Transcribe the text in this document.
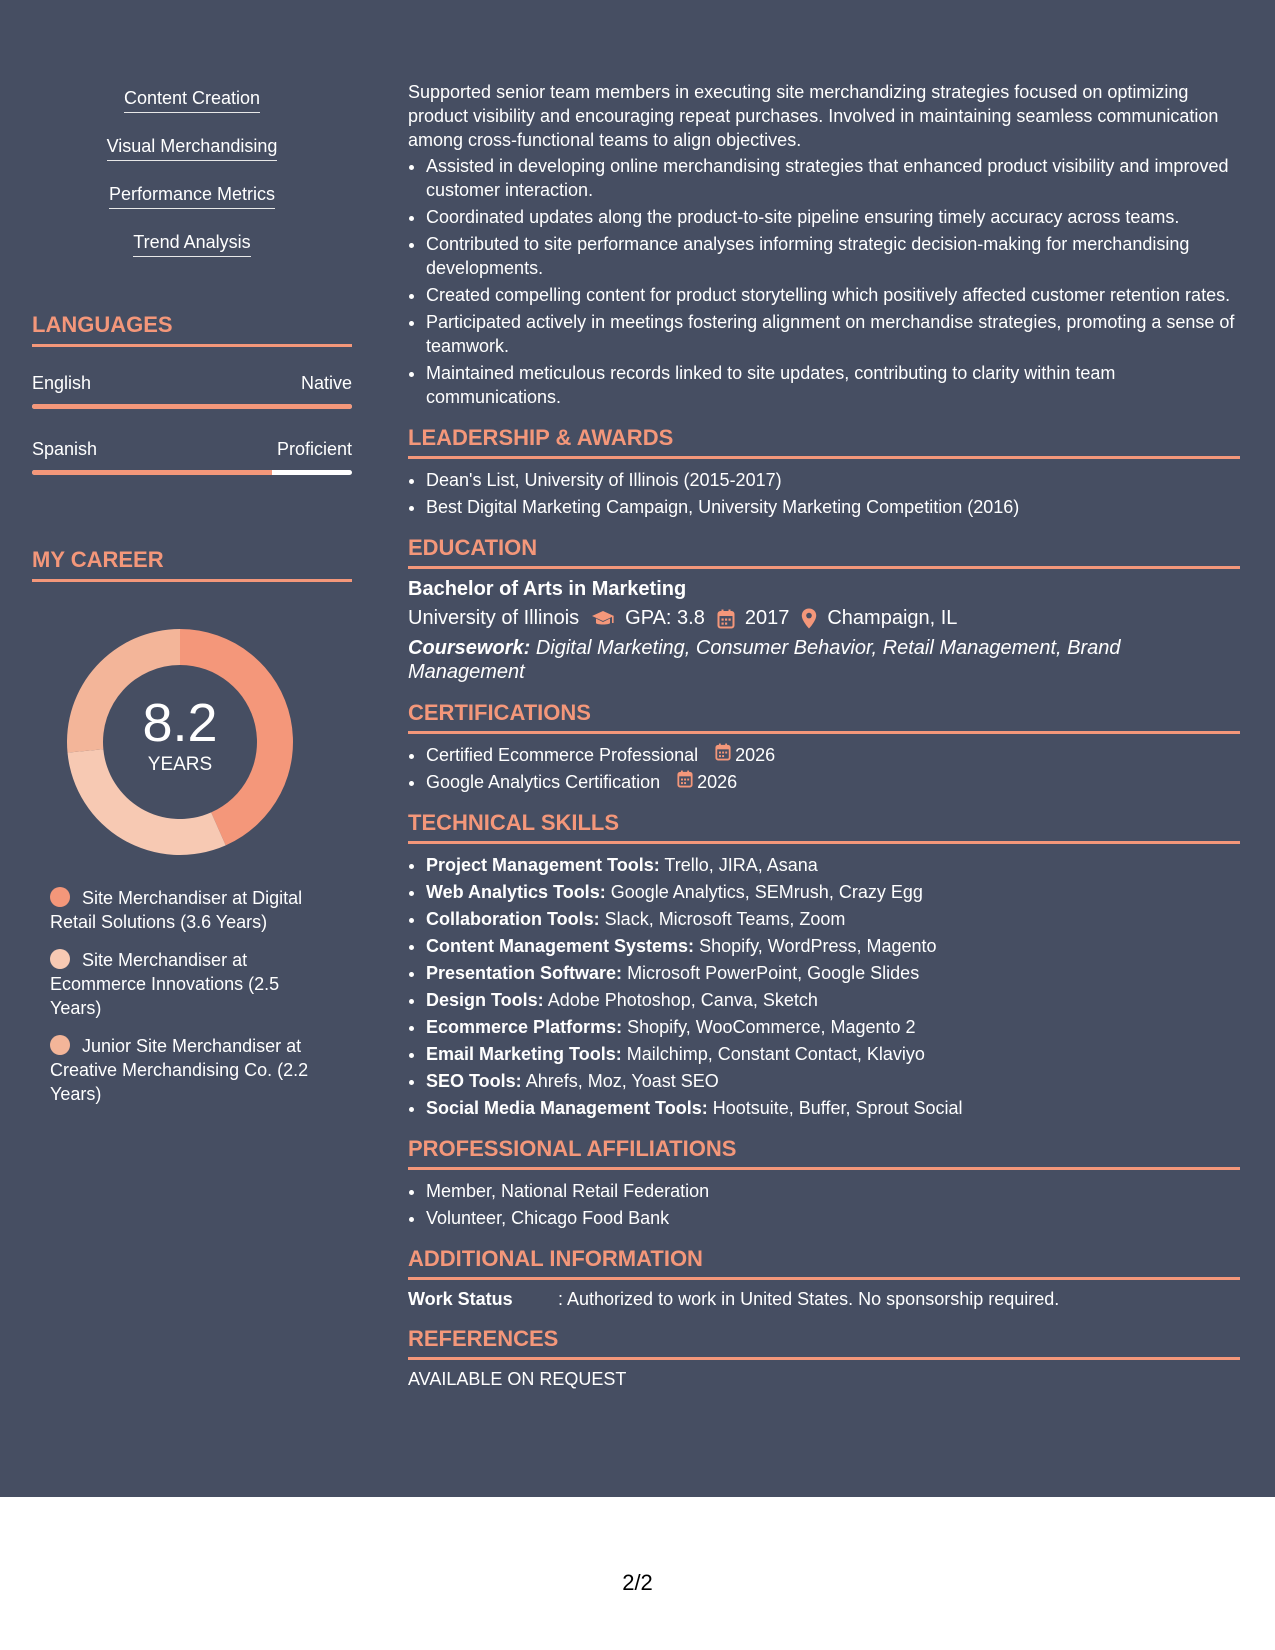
Content Creation
Visual Merchandising
Performance Metrics
Trend Analysis
LANGUAGES
English	Native
Spanish	Proficient
MY CAREER
8.2
YEARS
Site Merchandiser at Digital Retail Solutions (3.6 Years)
Site Merchandiser at Ecommerce Innovations (2.5 Years)
Junior Site Merchandiser at Creative Merchandising Co. (2.2 Years)

Supported senior team members in executing site merchandizing strategies focused on optimizing product visibility and encouraging repeat purchases. Involved in maintaining seamless communication among cross-functional teams to align objectives.

• Assisted in developing online merchandising strategies that enhanced product visibility and improved customer interaction.
• Coordinated updates along the product-to-site pipeline ensuring timely accuracy across teams.
• Contributed to site performance analyses informing strategic decision-making for merchandising developments.
• Created compelling content for product storytelling which positively affected customer retention rates.
• Participated actively in meetings fostering alignment on merchandise strategies, promoting a sense of teamwork.
• Maintained meticulous records linked to site updates, contributing to clarity within team communications.
LEADERSHIP & AWARDS
• Dean's List, University of Illinois (2015-2017)
• Best Digital Marketing Campaign, University Marketing Competition (2016)
EDUCATION
Bachelor of Arts in Marketing
University of Illinois GPA: 3.8 2017 Champaign, IL
Coursework: Digital Marketing, Consumer Behavior, Retail Management, Brand Management
CERTIFICATIONS
• Certified Ecommerce Professional 2026
• Google Analytics Certification 2026
TECHNICAL SKILLS
• Project Management Tools: Trello, JIRA, Asana
• Web Analytics Tools: Google Analytics, SEMrush, Crazy Egg
• Collaboration Tools: Slack, Microsoft Teams, Zoom
• Content Management Systems: Shopify, WordPress, Magento
• Presentation Software: Microsoft PowerPoint, Google Slides
• Design Tools: Adobe Photoshop, Canva, Sketch
• Ecommerce Platforms: Shopify, WooCommerce, Magento 2
• Email Marketing Tools: Mailchimp, Constant Contact, Klaviyo
• SEO Tools: Ahrefs, Moz, Yoast SEO
• Social Media Management Tools: Hootsuite, Buffer, Sprout Social
PROFESSIONAL AFFILIATIONS
• Member, National Retail Federation
• Volunteer, Chicago Food Bank
ADDITIONAL INFORMATION
Work Status	: Authorized to work in United States. No sponsorship required.
REFERENCES
AVAILABLE ON REQUEST
2/2
